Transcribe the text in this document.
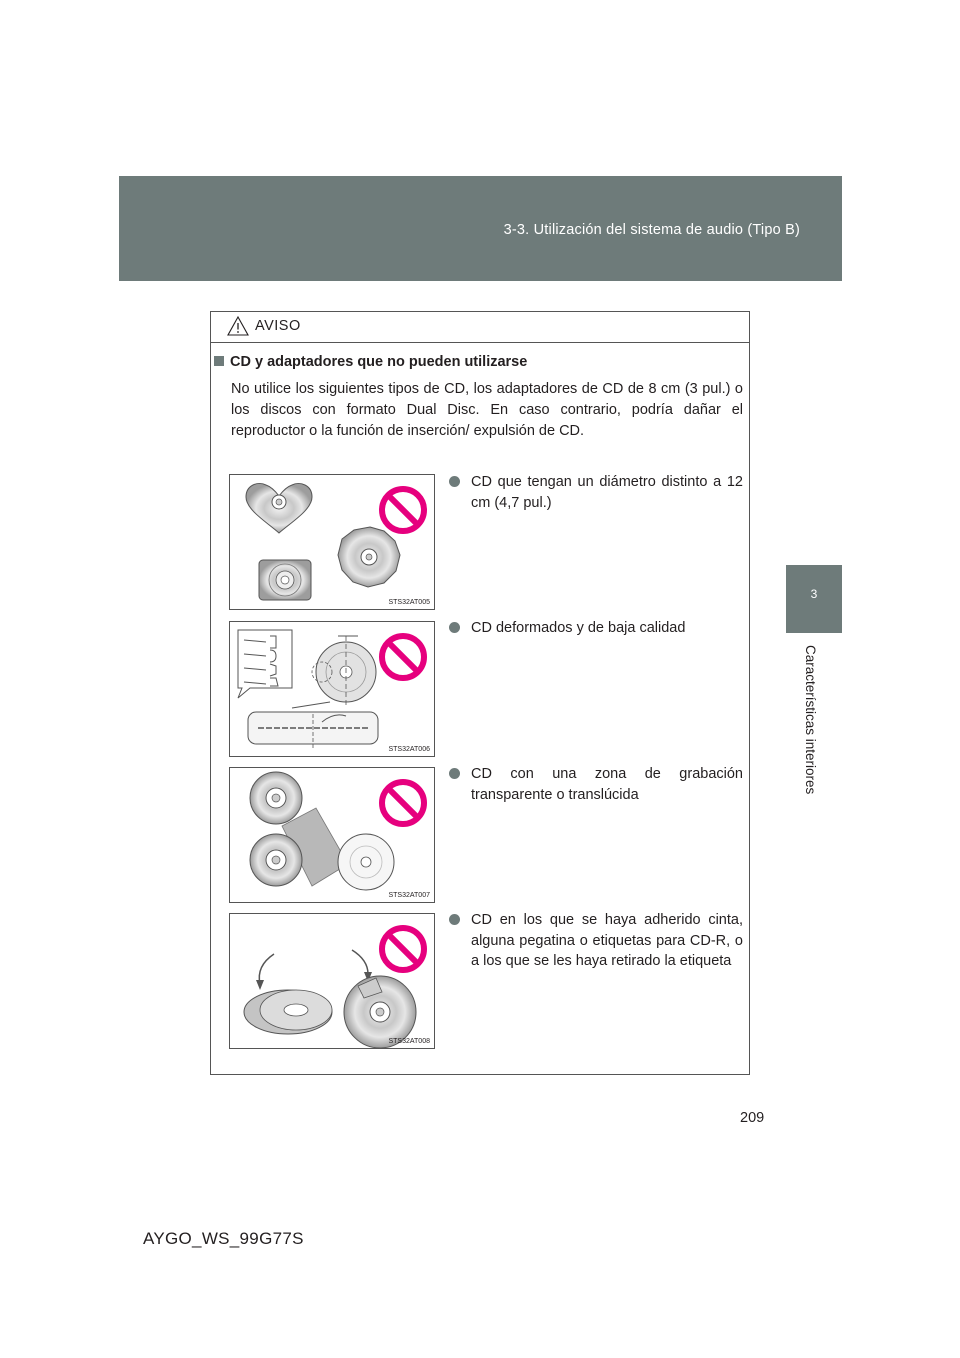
3-3. Utilización del sistema de audio (Tipo B)
3
Características interiores
AVISO
CD y adaptadores que no pueden utilizarse
No utilice los siguientes tipos de CD, los adaptadores de CD de 8 cm (3 pul.) o los discos con formato Dual Disc. En caso contrario, podría dañar el reproductor o la función de inserción/ expulsión de CD.
STS32AT005
CD que tengan un diámetro distinto a 12 cm (4,7 pul.)
STS32AT006
CD deformados y de baja calidad
STS32AT007
CD con una zona de grabación transparente o translúcida
STS32AT008
CD en los que se haya adherido cinta, alguna pegatina o etiquetas para CD-R, o a los que se les haya retirado la etiqueta
209
AYGO_WS_99G77S
